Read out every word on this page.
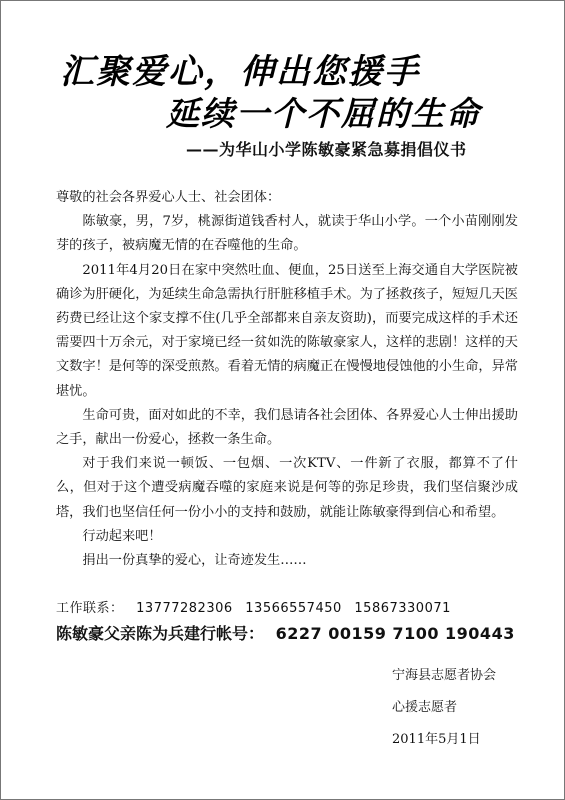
汇聚爱心，伸出您援手
延续一个不屈的生命
——为华山小学陈敏豪紧急募捐倡仪书

尊敬的社会各界爱心人士、社会团体：

陈敏豪，男，7岁，桃源街道钱香村人，就读于华山小学。一个小苗刚刚发芽的孩子，被病魔无情的在吞噬他的生命。

2011年4月20日在家中突然吐血、便血，25日送至上海交通自大学医院被确诊为肝硬化，为延续生命急需执行肝脏移植手术。为了拯救孩子，短短几天医药费已经让这个家支撑不住(几乎全部都来自亲友资助)，而要完成这样的手术还需要四十万余元，对于家境已经一贫如洗的陈敏豪家人，这样的悲剧！这样的天文数字！是何等的深受煎熬。看着无情的病魔正在慢慢地侵蚀他的小生命，异常堪忧。

生命可贵，面对如此的不幸，我们恳请各社会团体、各界爱心人士伸出援助之手，献出一份爱心，拯救一条生命。

对于我们来说一顿饭、一包烟、一次KTV、一件新了衣服，都算不了什么，但对于这个遭受病魔吞噬的家庭来说是何等的弥足珍贵，我们坚信聚沙成塔，我们也坚信任何一份小小的支持和鼓励，就能让陈敏豪得到信心和希望。

行动起来吧！

捐出一份真挚的爱心，让奇迹发生……

工作联系： 13777282306 13566557450 15867330071
陈敏豪父亲陈为兵建行帐号： 6227 00159 7100 190443
宁海县志愿者协会
心援志愿者
2011年5月1日
